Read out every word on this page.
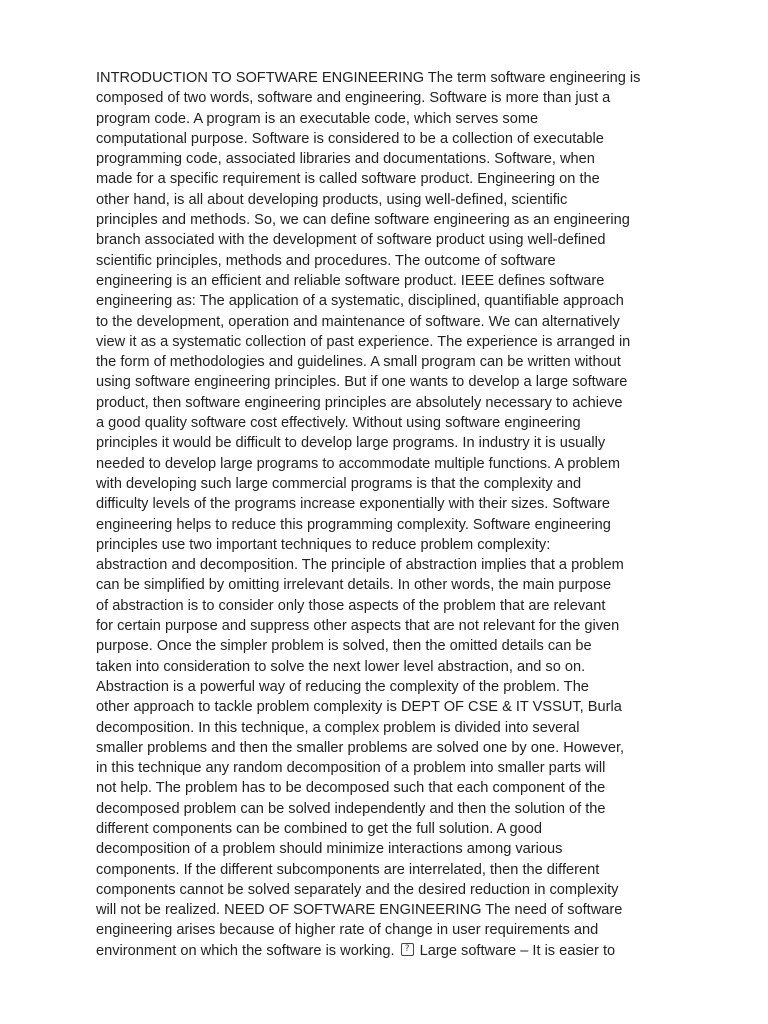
INTRODUCTION TO SOFTWARE ENGINEERING The term software engineering is
composed of two words, software and engineering. Software is more than just a
program code. A program is an executable code, which serves some
computational purpose. Software is considered to be a collection of executable
programming code, associated libraries and documentations. Software, when
made for a specific requirement is called software product. Engineering on the
other hand, is all about developing products, using well-defined, scientific
principles and methods. So, we can define software engineering as an engineering
branch associated with the development of software product using well-defined
scientific principles, methods and procedures. The outcome of software
engineering is an efficient and reliable software product. IEEE defines software
engineering as: The application of a systematic, disciplined, quantifiable approach
to the development, operation and maintenance of software. We can alternatively
view it as a systematic collection of past experience. The experience is arranged in
the form of methodologies and guidelines. A small program can be written without
using software engineering principles. But if one wants to develop a large software
product, then software engineering principles are absolutely necessary to achieve
a good quality software cost effectively. Without using software engineering
principles it would be difficult to develop large programs. In industry it is usually
needed to develop large programs to accommodate multiple functions. A problem
with developing such large commercial programs is that the complexity and
difficulty levels of the programs increase exponentially with their sizes. Software
engineering helps to reduce this programming complexity. Software engineering
principles use two important techniques to reduce problem complexity:
abstraction and decomposition. The principle of abstraction implies that a problem
can be simplified by omitting irrelevant details. In other words, the main purpose
of abstraction is to consider only those aspects of the problem that are relevant
for certain purpose and suppress other aspects that are not relevant for the given
purpose. Once the simpler problem is solved, then the omitted details can be
taken into consideration to solve the next lower level abstraction, and so on.
Abstraction is a powerful way of reducing the complexity of the problem. The
other approach to tackle problem complexity is DEPT OF CSE & IT VSSUT, Burla
decomposition. In this technique, a complex problem is divided into several
smaller problems and then the smaller problems are solved one by one. However,
in this technique any random decomposition of a problem into smaller parts will
not help. The problem has to be decomposed such that each component of the
decomposed problem can be solved independently and then the solution of the
different components can be combined to get the full solution. A good
decomposition of a problem should minimize interactions among various
components. If the different subcomponents are interrelated, then the different
components cannot be solved separately and the desired reduction in complexity
will not be realized. NEED OF SOFTWARE ENGINEERING The need of software
engineering arises because of higher rate of change in user requirements and
environment on which the software is working. ? Large software – It is easier to
